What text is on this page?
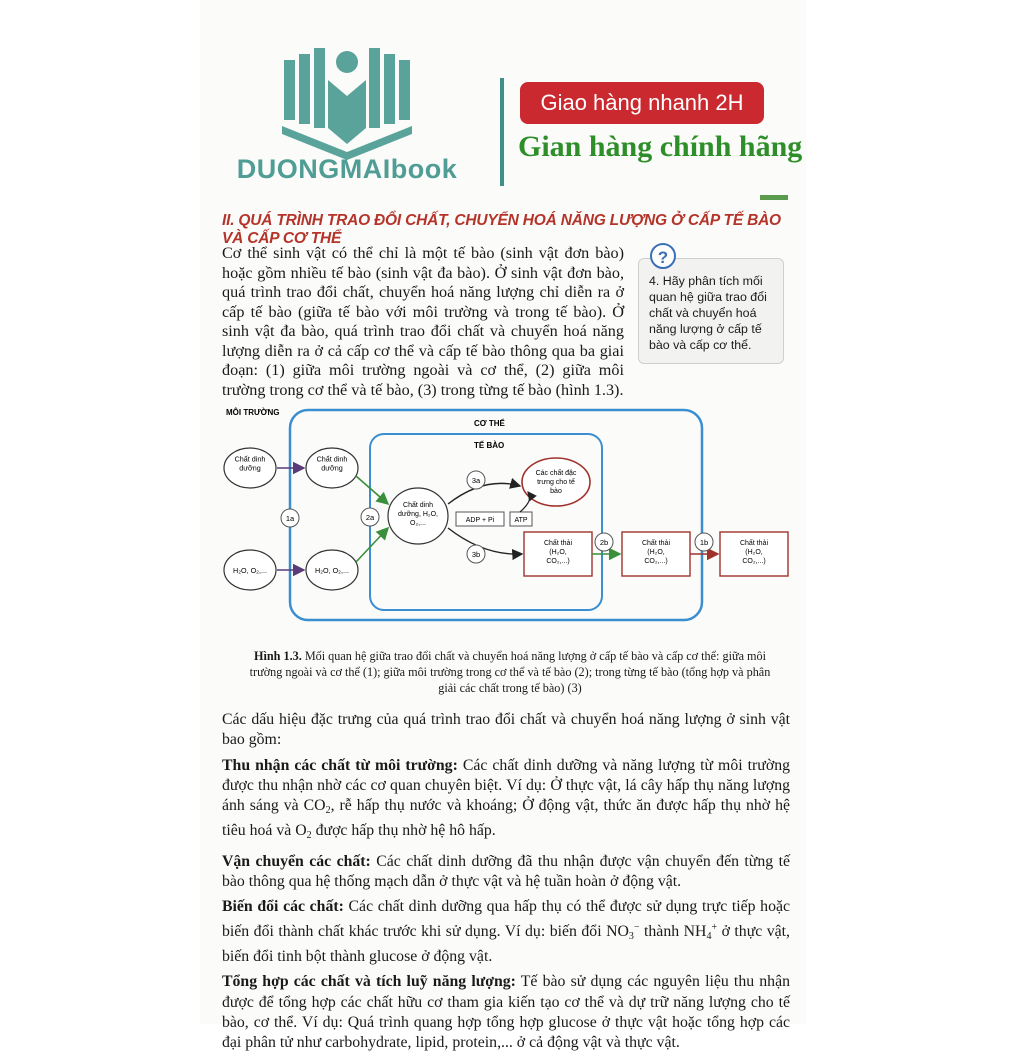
DUONGMAIbook
Giao hàng nhanh 2H
Gian hàng chính hãng
II. QUÁ TRÌNH TRAO ĐỔI CHẤT, CHUYỂN HOÁ NĂNG LƯỢNG Ở CẤP TẾ BÀO VÀ CẤP CƠ THỂ
Cơ thể sinh vật có thể chỉ là một tế bào (sinh vật đơn bào) hoặc gồm nhiều tế bào (sinh vật đa bào). Ở sinh vật đơn bào, quá trình trao đổi chất, chuyển hoá năng lượng chỉ diễn ra ở cấp tế bào (giữa tế bào với môi trường và trong tế bào). Ở sinh vật đa bào, quá trình trao đổi chất và chuyển hoá năng lượng diễn ra ở cả cấp cơ thể và cấp tế bào thông qua ba giai đoạn: (1) giữa môi trường ngoài và cơ thể, (2) giữa môi trường trong cơ thể và tế bào, (3) trong từng tế bào (hình 1.3).
4. Hãy phân tích mối quan hệ giữa trao đổi chất và chuyển hoá năng lượng ở cấp tế bào và cấp cơ thể.
?
MÔI TRƯỜNG
CƠ THỂ
TẾ BÀO
Chất dinh dưỡng
Chất dinh dưỡng
H₂O, O₂,...	H₂O, O₂,...
1a	2a
Chất dinh dưỡng, H₂O, O₂,...
Các chất đặc trưng cho tế bào
ADP + Pi	ATP
3a
3b
Chất thải (H₂O, CO₂,...)
Chất thải (H₂O, CO₂,...)
Chất thải (H₂O, CO₂,...)
2b	1b
Hình 1.3. Mối quan hệ giữa trao đổi chất và chuyển hoá năng lượng ở cấp tế bào và cấp cơ thể: giữa môi trường ngoài và cơ thể (1); giữa môi trường trong cơ thể và tế bào (2); trong từng tế bào (tổng hợp và phân giải các chất trong tế bào) (3)

Các dấu hiệu đặc trưng của quá trình trao đổi chất và chuyển hoá năng lượng ở sinh vật bao gồm:

Thu nhận các chất từ môi trường: Các chất dinh dưỡng và năng lượng từ môi trường được thu nhận nhờ các cơ quan chuyên biệt. Ví dụ: Ở thực vật, lá cây hấp thụ năng lượng ánh sáng và $CO_2$, rễ hấp thụ nước và khoáng; Ở động vật, thức ăn được hấp thụ nhờ hệ tiêu hoá và $O_2$ được hấp thụ nhờ hệ hô hấp.

Vận chuyển các chất: Các chất dinh dưỡng đã thu nhận được vận chuyển đến từng tế bào thông qua hệ thống mạch dẫn ở thực vật và hệ tuần hoàn ở động vật.

Biến đổi các chất: Các chất dinh dưỡng qua hấp thụ có thể được sử dụng trực tiếp hoặc biến đổi thành chất khác trước khi sử dụng. Ví dụ: biến đổi $NO_3^-$ thành $NH_4^+$ ở thực vật, biến đổi tinh bột thành glucose ở động vật.

Tổng hợp các chất và tích luỹ năng lượng: Tế bào sử dụng các nguyên liệu thu nhận được để tổng hợp các chất hữu cơ tham gia kiến tạo cơ thể và dự trữ năng lượng cho tế bào, cơ thể. Ví dụ: Quá trình quang hợp tổng hợp glucose ở thực vật hoặc tổng hợp các đại phân tử như carbohydrate, lipid, protein,... ở cả động vật và thực vật.
